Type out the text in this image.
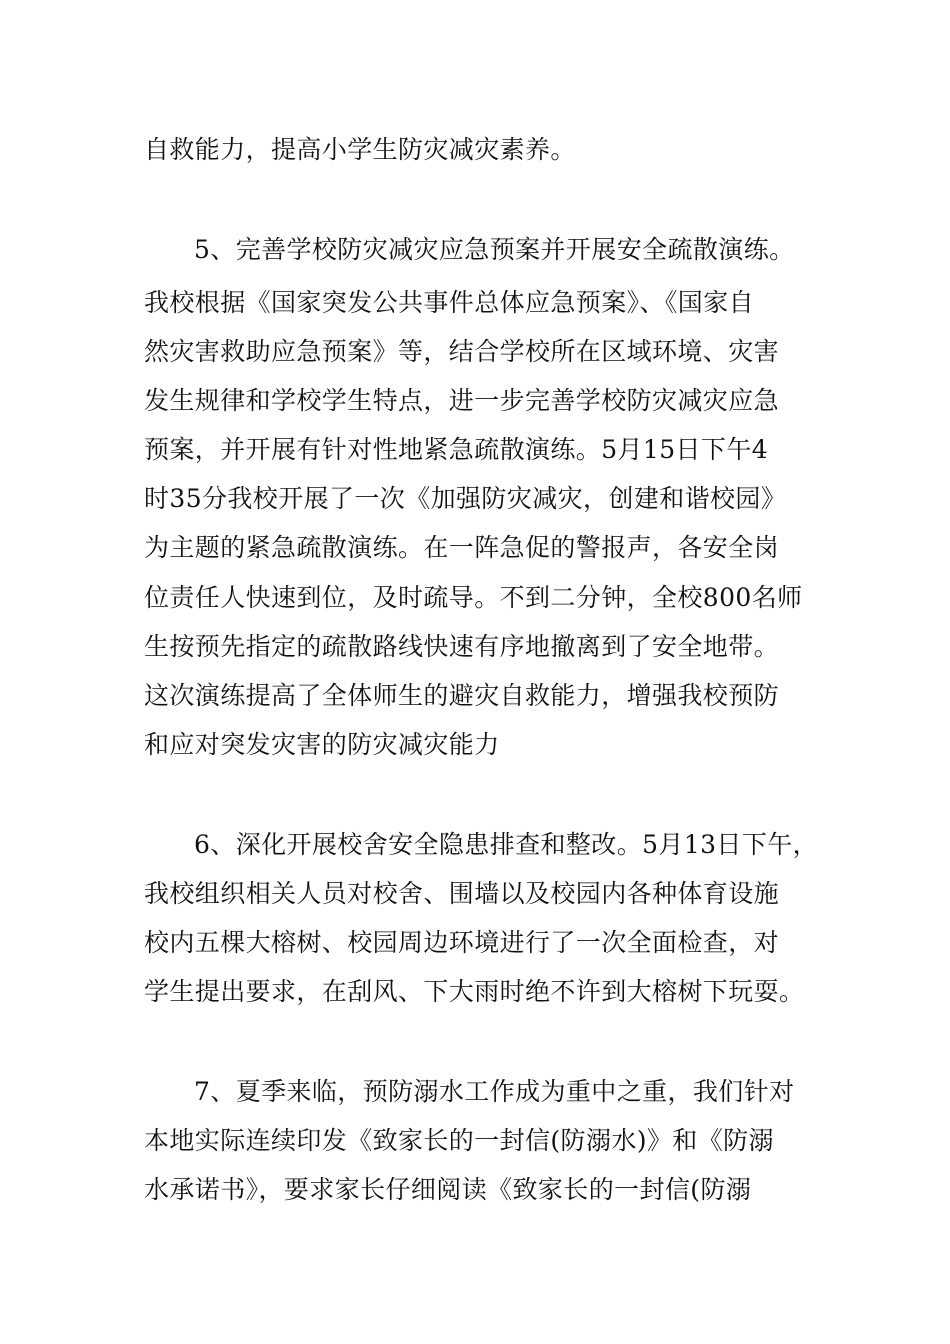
自救能力，提高小学生防灾减灾素养。
5、完善学校防灾减灾应急预案并开展安全疏散演练。
我校根据《国家突发公共事件总体应急预案》、《国家自
然灾害救助应急预案》等，结合学校所在区域环境、灾害
发生规律和学校学生特点，进一步完善学校防灾减灾应急
预案，并开展有针对性地紧急疏散演练。5月15日下午4
时35分我校开展了一次《加强防灾减灾，创建和谐校园》
为主题的紧急疏散演练。在一阵急促的警报声，各安全岗
位责任人快速到位，及时疏导。不到二分钟，全校800名师
生按预先指定的疏散路线快速有序地撤离到了安全地带。
这次演练提高了全体师生的避灾自救能力，增强我校预防
和应对突发灾害的防灾减灾能力
6、深化开展校舍安全隐患排查和整改。5月13日下午，
我校组织相关人员对校舍、围墙以及校园内各种体育设施
校内五棵大榕树、校园周边环境进行了一次全面检查，对
学生提出要求，在刮风、下大雨时绝不许到大榕树下玩耍。
7、夏季来临，预防溺水工作成为重中之重，我们针对
本地实际连续印发《致家长的一封信(防溺水)》和《防溺
水承诺书》，要求家长仔细阅读《致家长的一封信(防溺
